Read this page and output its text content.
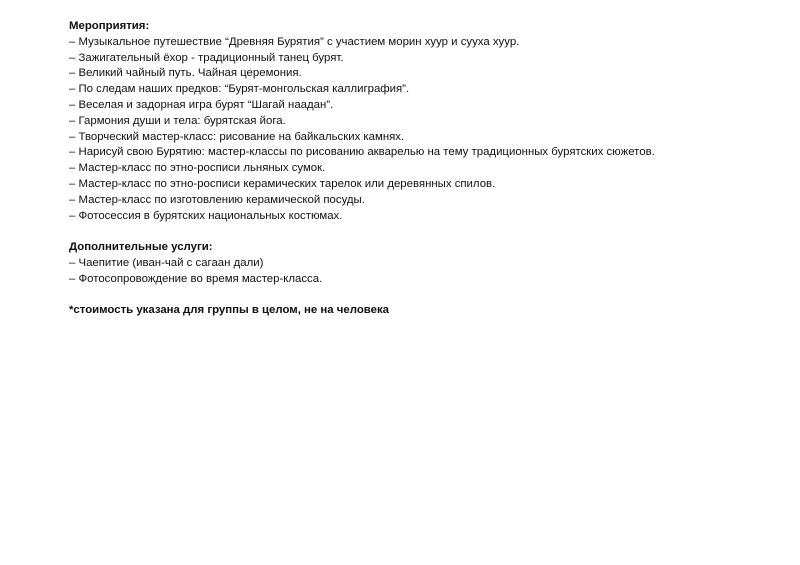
Мероприятия:
– Музыкальное путешествие “Древняя Бурятия” с участием морин хуур и сууха хуур.
– Зажигательный ёхор - традиционный танец бурят.
– Великий чайный путь. Чайная церемония.
– По следам наших предков: “Бурят-монгольская каллиграфия”.
– Веселая и задорная игра бурят “Шагай наадан”.
– Гармония души и тела: бурятская йога.
– Творческий мастер-класс: рисование на байкальских камнях.
– Нарисуй свою Бурятию: мастер-классы по рисованию акварелью на тему традиционных бурятских сюжетов.
– Мастер-класс по этно-росписи льняных сумок.
– Мастер-класс по этно-росписи керамических тарелок или деревянных спилов.
– Мастер-класс по изготовлению керамической посуды.
– Фотосессия в бурятских национальных костюмах.
Дополнительные услуги:
– Чаепитие (иван-чай с сагаан дали)
– Фотосопровождение во время мастер-класса.
*стоимость указана для группы в целом, не на человека
